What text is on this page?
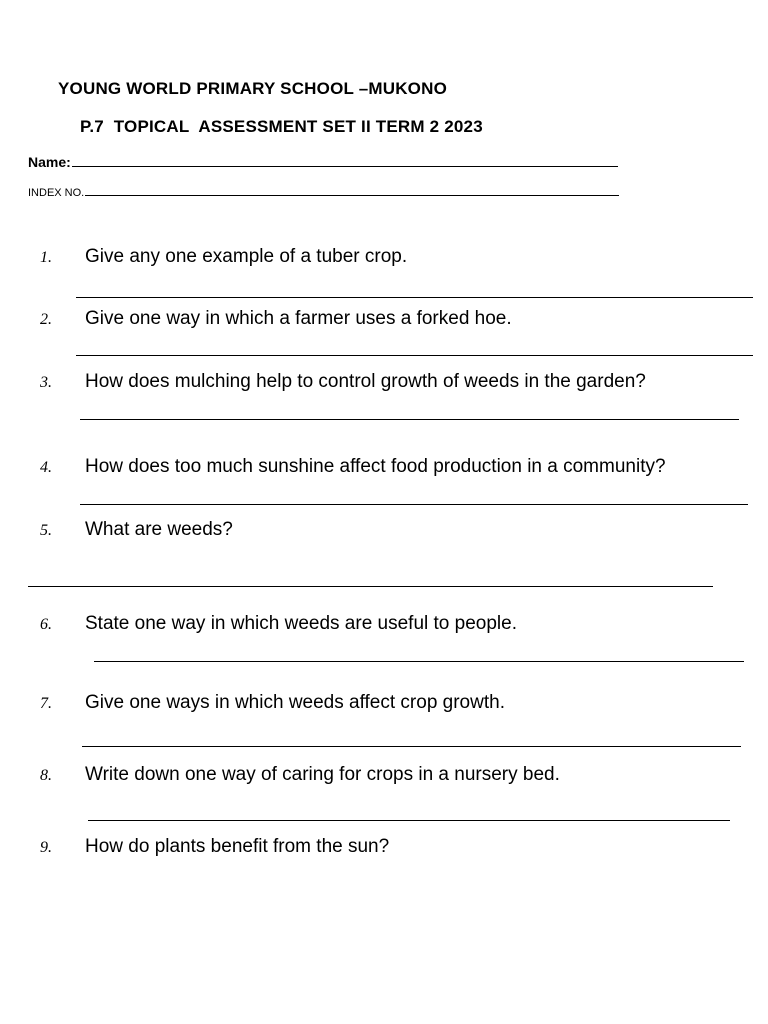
YOUNG WORLD PRIMARY SCHOOL –MUKONO
P.7  TOPICAL  ASSESSMENT SET II TERM 2 2023
Name:
INDEX NO.
1. Give any one example of a tuber crop.
2. Give one way in which a farmer uses a forked hoe.
3. How does mulching help to control growth of weeds in the garden?
4. How does too much sunshine affect food production in a community?
5. What are weeds?
6. State one way in which weeds are useful to people.
7. Give one ways in which weeds affect crop growth.
8. Write down one way of caring for crops in a nursery bed.
9. How do plants benefit from the sun?
